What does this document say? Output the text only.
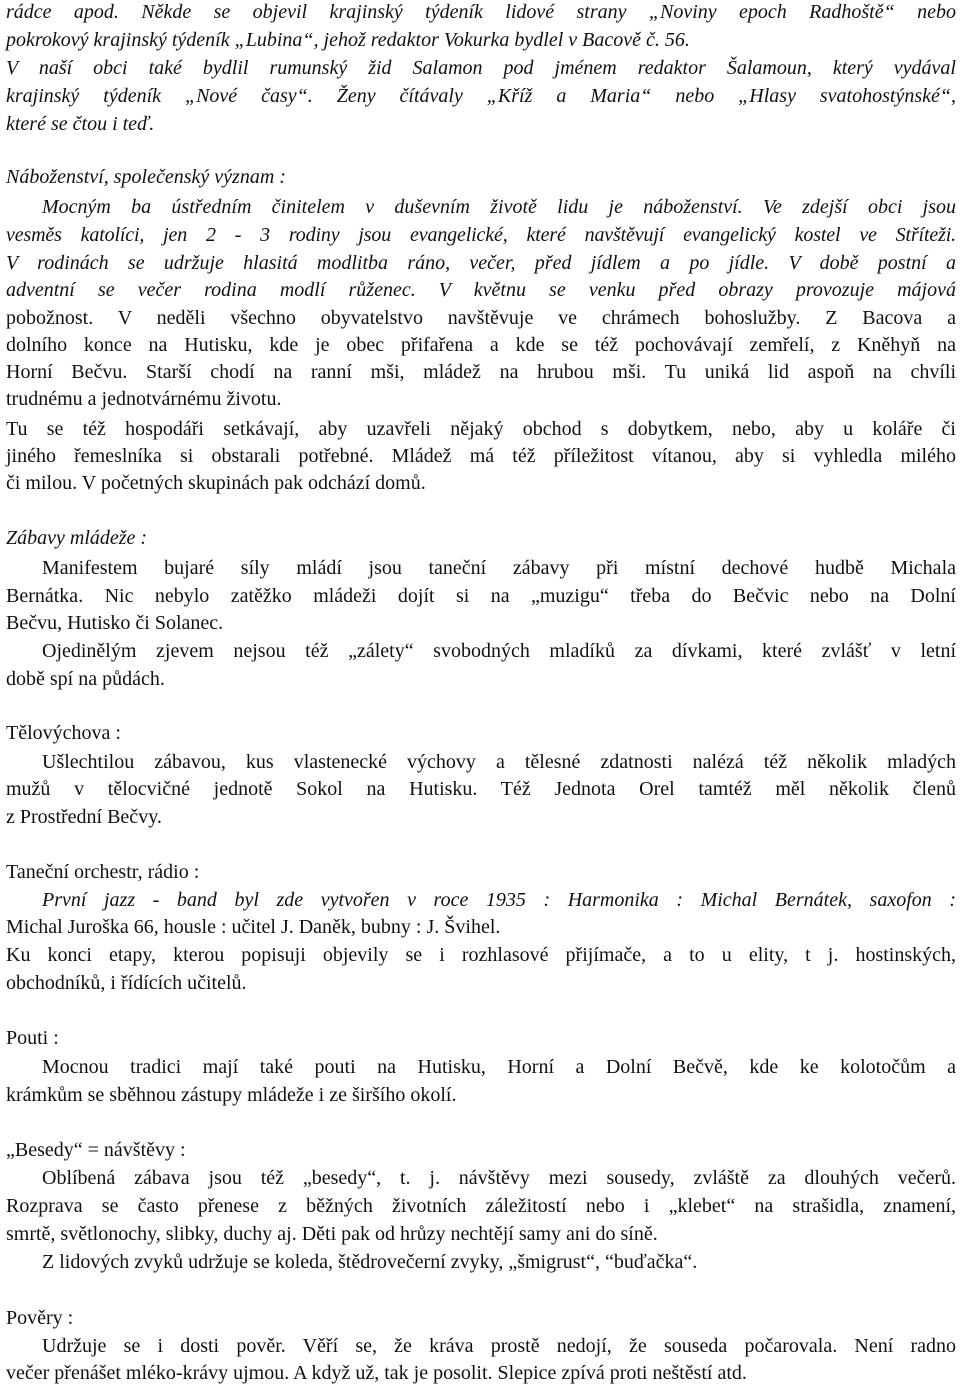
rádce apod. Někde se objevil krajinský týdeník lidové strany „Noviny epoch Radhoště“ nebo
pokrokový krajinský týdeník „Lubina“, jehož redaktor Vokurka bydlel v Bacově č. 56.
V naší obci také bydlil rumunský žid Salamon pod jménem redaktor Šalamoun, který vydával
krajinský týdeník „Nové časy“. Ženy čítávaly „Kříž a Maria“ nebo „Hlasy svatohostýnské“,
které se čtou i teď.
Náboženství, společenský význam :
Mocným ba ústředním činitelem v duševním životě lidu je náboženství. Ve zdejší obci jsou
vesměs katolíci, jen 2 - 3 rodiny jsou evangelické, které navštěvují evangelický kostel ve Stříteži.
V rodinách se udržuje hlasitá modlitba ráno, večer, před jídlem a po jídle. V době postní a
adventní se večer rodina modlí růženec. V květnu se venku před obrazy provozuje májová
pobožnost. V neděli všechno obyvatelstvo navštěvuje ve chrámech bohoslužby. Z Bacova a
dolního konce na Hutisku, kde je obec přifařena a kde se též pochovávají zemřelí, z Kněhyň na
Horní Bečvu. Starší chodí na ranní mši, mládež na hrubou mši. Tu uniká lid aspoň na chvíli
trudnému a jednotvárnému životu.
Tu se též hospodáři setkávají, aby uzavřeli nějaký obchod s dobytkem, nebo, aby u koláře či
jiného řemeslníka si obstarali potřebné. Mládež má též příležitost vítanou, aby si vyhledla milého
či milou. V početných skupinách pak odchází domů.
Zábavy mládeže :
Manifestem bujaré síly mládí jsou taneční zábavy při místní dechové hudbě Michala
Bernátka. Nic nebylo zatěžko mládeži dojít si na „muzigu“ třeba do Bečvic nebo na Dolní
Bečvu, Hutisko či Solanec.
Ojedinělým zjevem nejsou též „zálety“ svobodných mladíků za dívkami, které zvlášť v letní
době spí na půdách.
Tělovýchova :
Ušlechtilou zábavou, kus vlastenecké výchovy a tělesné zdatnosti nalézá též několik mladých
mužů v tělocvičné jednotě Sokol na Hutisku. Též Jednota Orel tamtéž měl několik členů
z Prostřední Bečvy.
Taneční orchestr, rádio :
První jazz - band byl zde vytvořen v roce 1935 : Harmonika : Michal Bernátek, saxofon :
Michal Juroška 66, housle : učitel J. Daněk, bubny : J. Švihel.
Ku konci etapy, kterou popisuji objevily se i rozhlasové přijímače, a to u elity, t j. hostinských,
obchodníků, i řídících učitelů.
Pouti :
Mocnou tradici mají také pouti na Hutisku, Horní a Dolní Bečvě, kde ke kolotočům a
krámkům se sběhnou zástupy mládeže i ze širšího okolí.
„Besedy“ = návštěvy :
Oblíbená zábava jsou též „besedy“, t. j. návštěvy mezi sousedy, zvláště za dlouhých večerů.
Rozprava se často přenese z běžných životních záležitostí nebo i „klebet“ na strašidla, znamení,
smrtě, světlonochy, slibky, duchy aj. Děti pak od hrůzy nechtějí samy ani do síně.
Z lidových zvyků udržuje se koleda, štědrovečerní zvyky, „šmigrust“, “buďačka“.
Pověry :
Udržuje se i dosti pověr. Věří se, že kráva prostě nedojí, že souseda počarovala. Není radno
večer přenášet mléko-krávy ujmou. A když už, tak je posolit. Slepice zpívá proti neštěstí atd.
